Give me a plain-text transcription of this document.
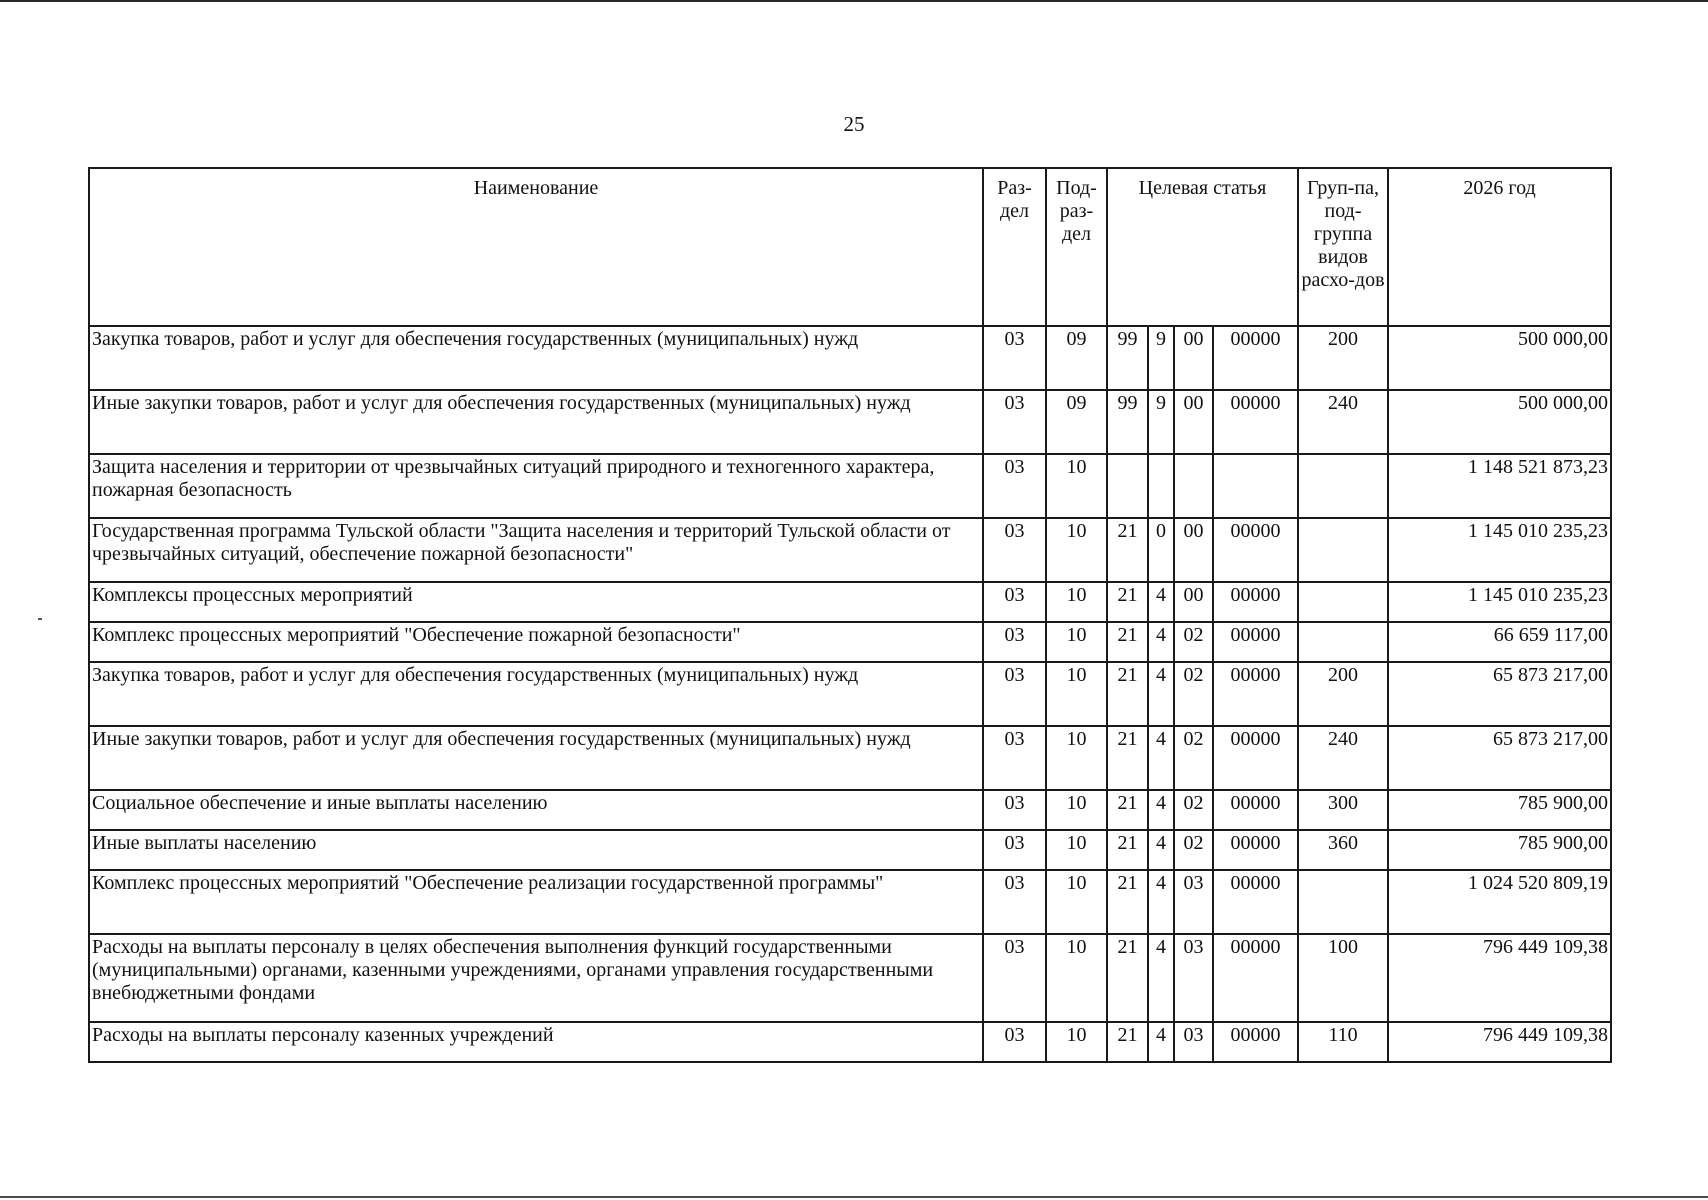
25
Наименование	Раз-дел	Под-раз-дел	Целевая статья				Груп-па, под-группа видов расхо-дов	2026 год
Закупка товаров, работ и услуг для обеспечения государственных (муниципальных) нужд	03	09	99	9	00	00000	200	500 000,00
Иные закупки товаров, работ и услуг для обеспечения государственных (муниципальных) нужд	03	09	99	9	00	00000	240	500 000,00
Защита населения и территории от чрезвычайных ситуаций природного и техногенного характера, пожарная безопасность	03	10						1 148 521 873,23
Государственная программа Тульской области "Защита населения и территорий Тульской области от чрезвычайных ситуаций, обеспечение пожарной безопасности"	03	10	21	0	00	00000		1 145 010 235,23
Комплексы процессных мероприятий	03	10	21	4	00	00000		1 145 010 235,23
Комплекс процессных мероприятий "Обеспечение пожарной безопасности"	03	10	21	4	02	00000		66 659 117,00
Закупка товаров, работ и услуг для обеспечения государственных (муниципальных) нужд	03	10	21	4	02	00000	200	65 873 217,00
Иные закупки товаров, работ и услуг для обеспечения государственных (муниципальных) нужд	03	10	21	4	02	00000	240	65 873 217,00
Социальное обеспечение и иные выплаты населению	03	10	21	4	02	00000	300	785 900,00
Иные выплаты населению	03	10	21	4	02	00000	360	785 900,00
Комплекс процессных мероприятий "Обеспечение реализации государственной программы"	03	10	21	4	03	00000		1 024 520 809,19
Расходы на выплаты персоналу в целях обеспечения выполнения функций государственными (муниципальными) органами, казенными учреждениями, органами управления государственными внебюджетными фондами	03	10	21	4	03	00000	100	796 449 109,38
Расходы на выплаты персоналу казенных учреждений	03	10	21	4	03	00000	110	796 449 109,38
